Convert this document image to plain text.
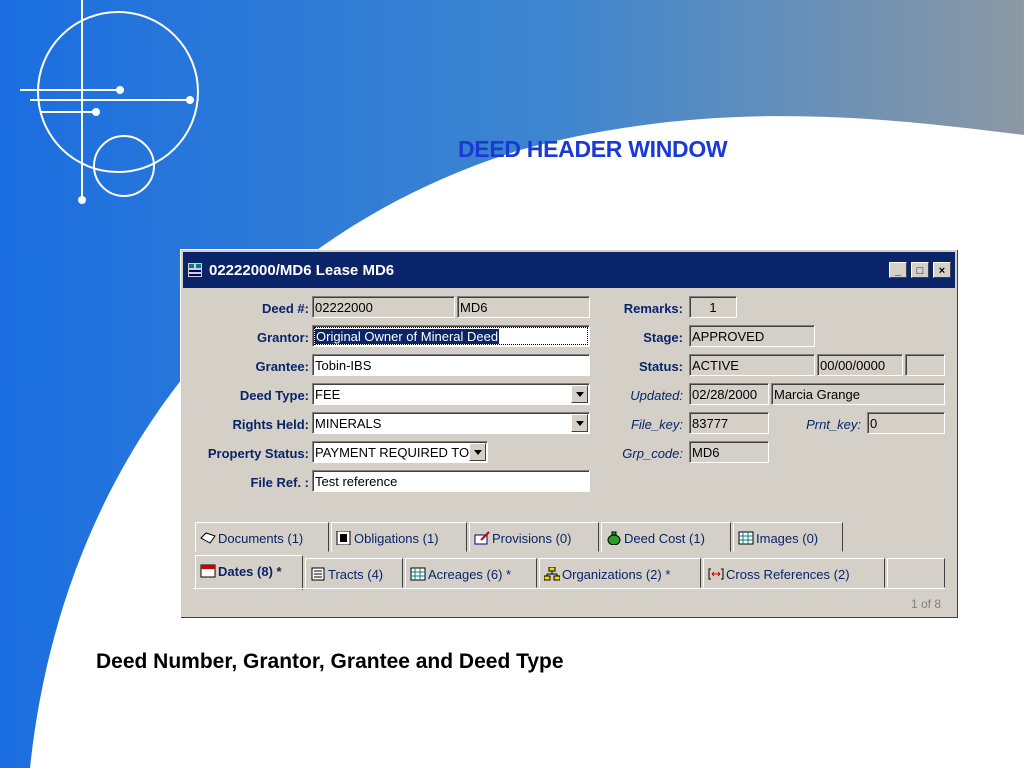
DEED HEADER WINDOW
02222000/MD6 Lease MD6	_	□	×
Deed #: 02222000	MD6
Grantor: Original Owner of Mineral Deed
Grantee: Tobin-IBS
Deed Type: FEE
Rights Held: MINERALS
Property Status: PAYMENT REQUIRED TO
File Ref. : Test reference
Remarks:	1
Stage: APPROVED
Status: ACTIVE	00/00/0000
Updated: 02/28/2000	Marcia Grange
File_key: 83777	Prnt_key: 0
Grp_code: MD6
Documents (1)	Obligations (1)	Provisions (0)	Deed Cost (1)	Images (0)
Dates (8) *	Tracts (4)	Acreages (6) *	Organizations (2) *	Cross References (2)
1 of 8
Deed Number, Grantor, Grantee and Deed Type
